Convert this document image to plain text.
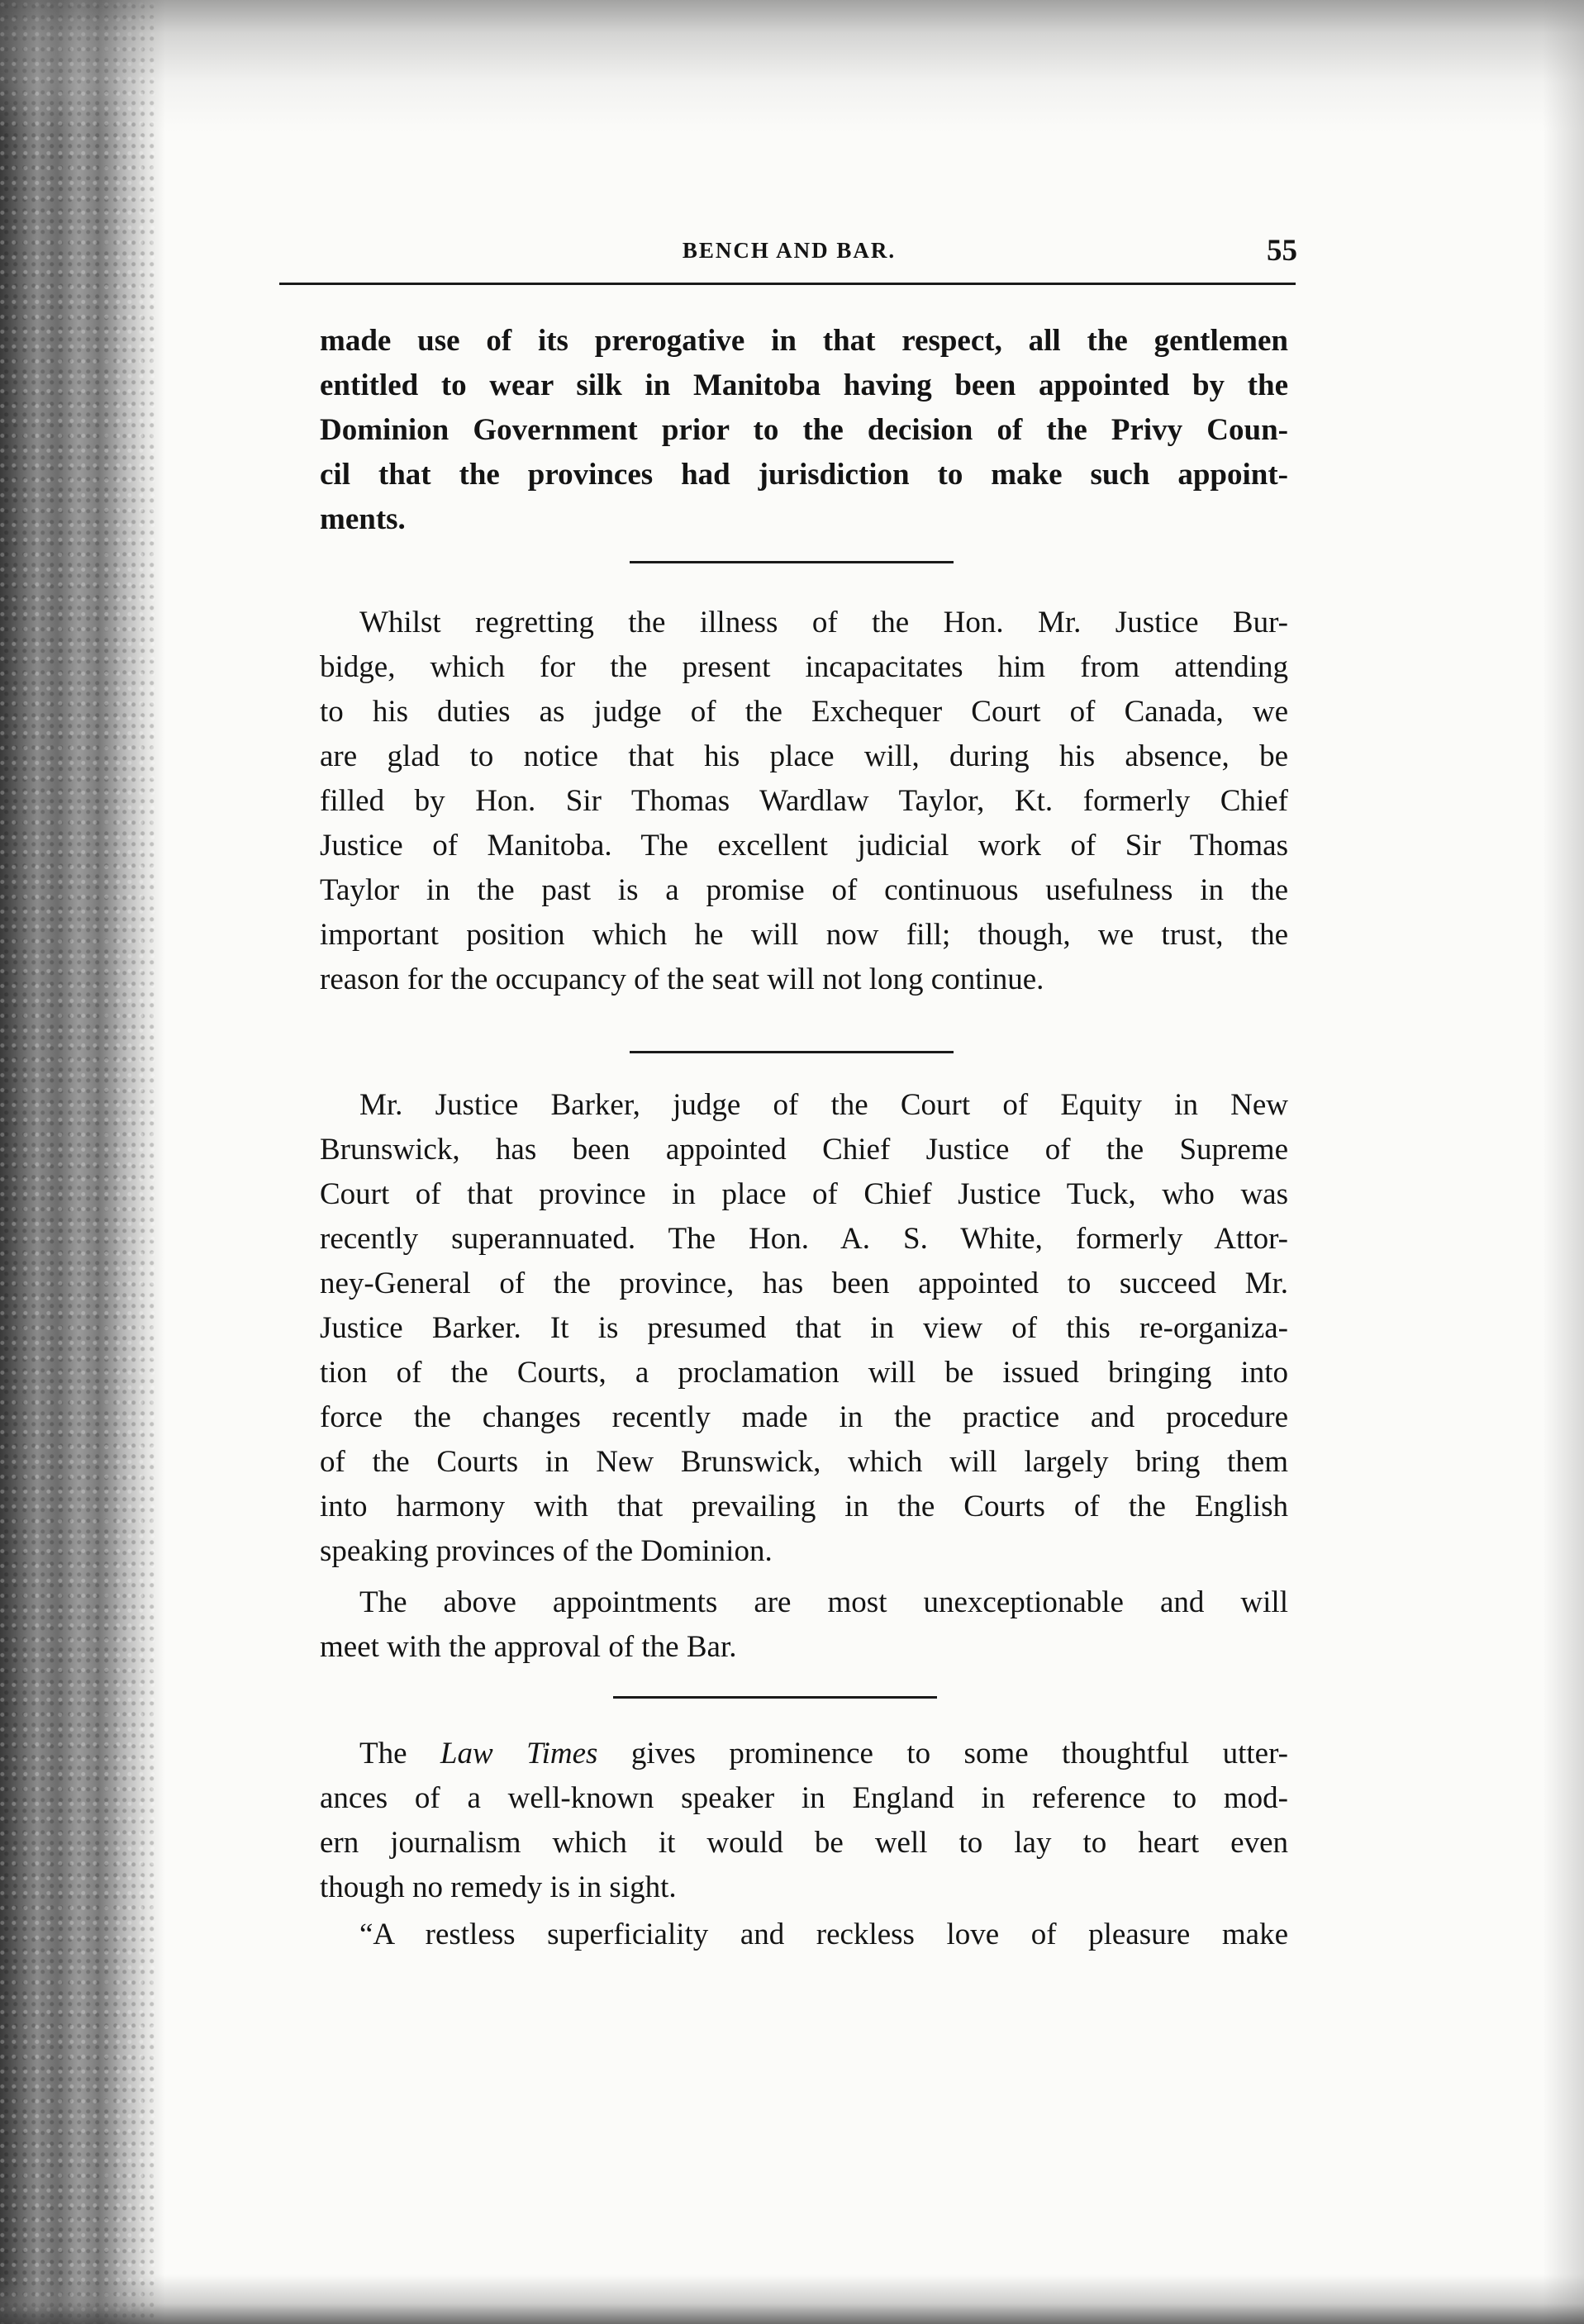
BENCH AND BAR.	55
made use of its prerogative in that respect, all the gentlemen
entitled to wear silk in Manitoba having been appointed by the
Dominion Government prior to the decision of the Privy Coun-
cil that the provinces had jurisdiction to make such appoint-
ments.
Whilst regretting the illness of the Hon. Mr. Justice Bur-
bidge, which for the present incapacitates him from attending
to his duties as judge of the Exchequer Court of Canada, we
are glad to notice that his place will, during his absence, be
filled by Hon. Sir Thomas Wardlaw Taylor, Kt. formerly Chief
Justice of Manitoba. The excellent judicial work of Sir Thomas
Taylor in the past is a promise of continuous usefulness in the
important position which he will now fill; though, we trust, the
reason for the occupancy of the seat will not long continue.
Mr. Justice Barker, judge of the Court of Equity in New
Brunswick, has been appointed Chief Justice of the Supreme
Court of that province in place of Chief Justice Tuck, who was
recently superannuated. The Hon. A. S. White, formerly Attor-
ney-General of the province, has been appointed to succeed Mr.
Justice Barker. It is presumed that in view of this re-organiza-
tion of the Courts, a proclamation will be issued bringing into
force the changes recently made in the practice and procedure
of the Courts in New Brunswick, which will largely bring them
into harmony with that prevailing in the Courts of the English
speaking provinces of the Dominion.
The above appointments are most unexceptionable and will
meet with the approval of the Bar.
The Law Times gives prominence to some thoughtful utter-
ances of a well-known speaker in England in reference to mod-
ern journalism which it would be well to lay to heart even
though no remedy is in sight.
“A restless superficiality and reckless love of pleasure make
